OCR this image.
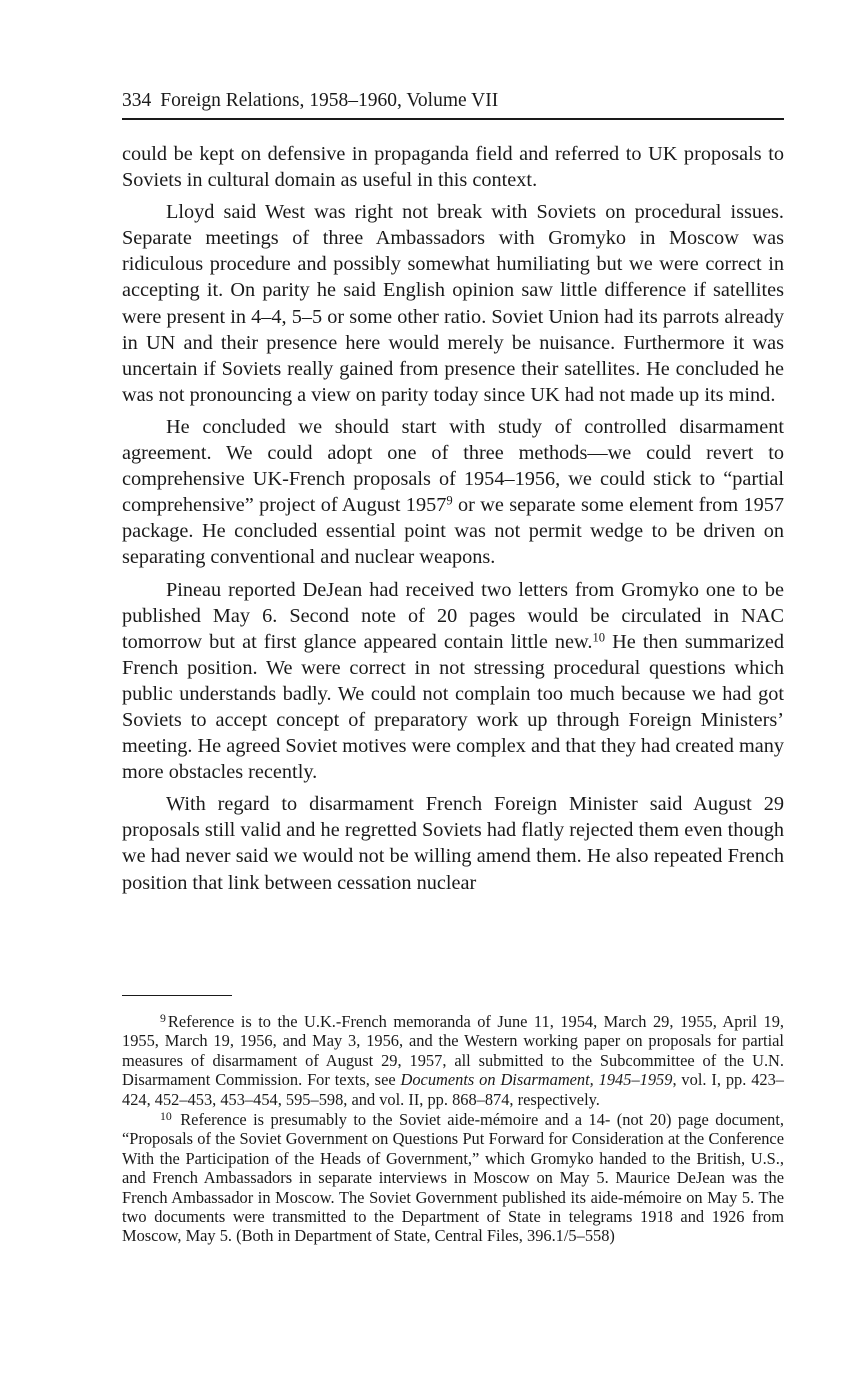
334 Foreign Relations, 1958–1960, Volume VII

could be kept on defensive in propaganda field and referred to UK proposals to Soviets in cultural domain as useful in this context.

Lloyd said West was right not break with Soviets on procedural issues. Separate meetings of three Ambassadors with Gromyko in Moscow was ridiculous procedure and possibly somewhat humiliating but we were correct in accepting it. On parity he said English opinion saw little difference if satellites were present in 4–4, 5–5 or some other ratio. Soviet Union had its parrots already in UN and their presence here would merely be nuisance. Furthermore it was uncertain if Soviets really gained from presence their satellites. He concluded he was not pronouncing a view on parity today since UK had not made up its mind.

He concluded we should start with study of controlled disarmament agreement. We could adopt one of three methods—we could revert to comprehensive UK-French proposals of 1954–1956, we could stick to “partial comprehensive” project of August 1957$^9$ or we separate some element from 1957 package. He concluded essential point was not permit wedge to be driven on separating conventional and nuclear weapons.

Pineau reported DeJean had received two letters from Gromyko one to be published May 6. Second note of 20 pages would be circulated in NAC tomorrow but at first glance appeared contain little new.$^{10}$ He then summarized French position. We were correct in not stressing procedural questions which public understands badly. We could not complain too much because we had got Soviets to accept concept of preparatory work up through Foreign Ministers’ meeting. He agreed Soviet motives were complex and that they had created many more obstacles recently.

With regard to disarmament French Foreign Minister said August 29 proposals still valid and he regretted Soviets had flatly rejected them even though we had never said we would not be willing amend them. He also repeated French position that link between cessation nuclear

$^9$ Reference is to the U.K.-French memoranda of June 11, 1954, March 29, 1955, April 19, 1955, March 19, 1956, and May 3, 1956, and the Western working paper on proposals for partial measures of disarmament of August 29, 1957, all submitted to the Subcommittee of the U.N. Disarmament Commission. For texts, see Documents on Disarmament, 1945–1959, vol. I, pp. 423–424, 452–453, 453–454, 595–598, and vol. II, pp. 868–874, respectively.

$^{10}$ Reference is presumably to the Soviet aide-mémoire and a 14- (not 20) page document, “Proposals of the Soviet Government on Questions Put Forward for Consideration at the Conference With the Participation of the Heads of Government,” which Gromyko handed to the British, U.S., and French Ambassadors in separate interviews in Moscow on May 5. Maurice DeJean was the French Ambassador in Moscow. The Soviet Government published its aide-mémoire on May 5. The two documents were transmitted to the Department of State in telegrams 1918 and 1926 from Moscow, May 5. (Both in Department of State, Central Files, 396.1/5–558)
